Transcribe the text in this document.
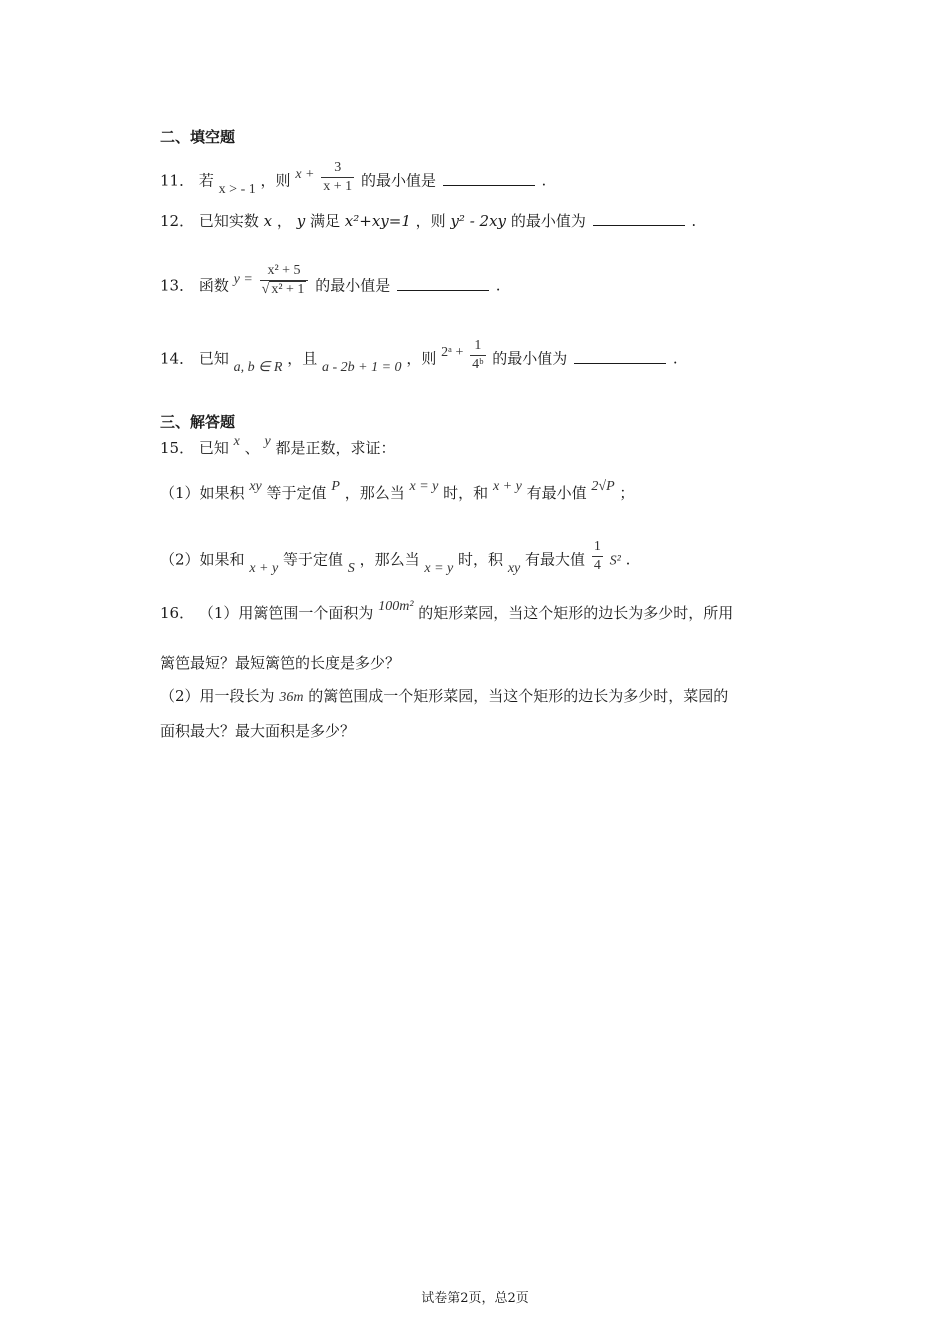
二、填空题
11． 若 x > - 1 ，则 $x + \frac{3}{x + 1}$ 的最小值是	.
12． 已知实数 x ， y 满足 x²+xy=1 ，则 y² - 2xy 的最小值为	.
13． 函数 $y = \frac{\text{x² + 5}}{\text{√ x² + 1}}$ 的最小值是	.
14． 已知 a, b ∈ R ，且 a - 2b + 1 = 0 ，则 2ᵃ + $\frac{1}{\text{4ᵇ}}$ 的最小值为	.
三、解答题
15． 已知 x 、 y 都是正数，求证：
（1）如果积 xy 等于定值 P ，那么当 x = y 时，和 x + y 有最小值 2√P ；
（2）如果和 x + y 等于定值 S ，那么当 x = y 时，积 xy 有最大值 $\frac{1}{4} S^2$ .
16． （1）用篱笆围一个面积为 100m² 的矩形菜园，当这个矩形的边长为多少时，所用
篱笆最短？最短篱笆的长度是多少？
（2）用一段长为 36m 的篱笆围成一个矩形菜园，当这个矩形的边长为多少时，菜园的
面积最大？最大面积是多少？
试卷第2页，总2页
